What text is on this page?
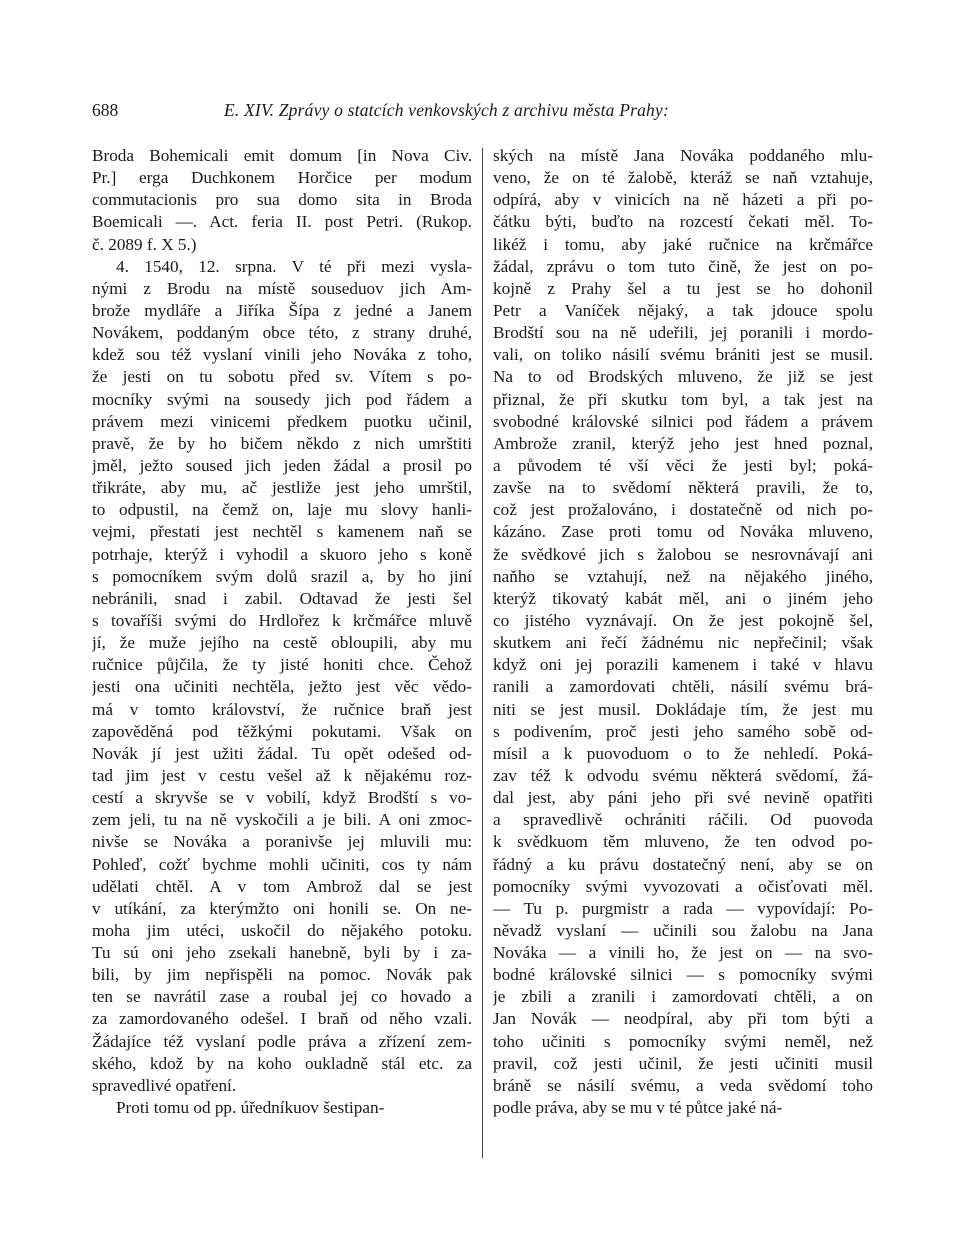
688	E. XIV. Zprávy o statcích venkovských z archivu města Prahy:
Broda Bohemicali emit domum [in Nova Civ.
Pr.] erga Duchkonem Horčice per modum
commutacionis pro sua domo sita in Broda
Boemicali —. Act. feria II. post Petri. (Rukop.
č. 2089 f. X 5.)
4. 1540, 12. srpna. V té při mezi vysla-
nými z Brodu na místě souseduov jich Am-
brože mydláře a Jiříka Šípa z jedné a Janem
Novákem, poddaným obce této, z strany druhé,
kdež sou též vyslaní vinili jeho Nováka z toho,
že jesti on tu sobotu před sv. Vítem s po-
mocníky svými na sousedy jich pod řádem a
právem mezi vinicemi předkem puotku učinil,
pravě, že by ho bičem někdo z nich umrštiti
jměl, ježto soused jich jeden žádal a prosil po
třikráte, aby mu, ač jestliže jest jeho umrštil,
to odpustil, na čemž on, laje mu slovy hanli-
vejmi, přestati jest nechtěl s kamenem naň se
potrhaje, kterýž i vyhodil a skuoro jeho s koně
s pomocníkem svým dolů srazil a, by ho jiní
nebránili, snad i zabil. Odtavad že jesti šel
s tovaříši svými do Hrdlořez k krčmářce mluvě
jí, že muže jejího na cestě obloupili, aby mu
ručnice půjčila, že ty jisté honiti chce. Čehož
jesti ona učiniti nechtěla, ježto jest věc vědo-
má v tomto království, že ručnice braň jest
zapověděná pod těžkými pokutami. Však on
Novák jí jest užiti žádal. Tu opět odešed od-
tad jim jest v cestu vešel až k nějakému roz-
cestí a skryvše se v vobilí, když Brodští s vo-
zem jeli, tu na ně vyskočili a je bili. A oni zmoc-
nivše se Nováka a poranivše jej mluvili mu:
Pohleď, cožť bychme mohli učiniti, cos ty nám
udělati chtěl. A v tom Ambrož dal se jest
v utíkání, za kterýmžto oni honili se. On ne-
moha jim utéci, uskočil do nějakého potoku.
Tu sú oni jeho zsekali hanebně, byli by i za-
bili, by jim nepřispěli na pomoc. Novák pak
ten se navrátil zase a roubal jej co hovado a
za zamordovaného odešel. I braň od něho vzali.
Žádajíce též vyslaní podle práva a zřízení zem-
ského, kdož by na koho oukladně stál etc. za
spravedlivé opatření.
Proti tomu od pp. úředníkuov šestipan-
ských na místě Jana Nováka poddaného mlu-
veno, že on té žalobě, kteráž se naň vztahuje,
odpírá, aby v vinicích na ně házeti a při po-
čátku býti, buďto na rozcestí čekati měl. To-
likéž i tomu, aby jaké ručnice na krčmářce
žádal, zprávu o tom tuto čině, že jest on po-
kojně z Prahy šel a tu jest se ho dohonil
Petr a Vaníček nějaký, a tak jdouce spolu
Brodští sou na ně udeřili, jej poranili i mordo-
vali, on toliko násilí svému brániti jest se musil.
Na to od Brodských mluveno, že již se jest
přiznal, že při skutku tom byl, a tak jest na
svobodné královské silnici pod řádem a právem
Ambrože zranil, kterýž jeho jest hned poznal,
a původem té vší věci že jesti byl; poká-
zavše na to svědomí některá pravili, že to,
což jest prožalováno, i dostatečně od nich po-
kázáno. Zase proti tomu od Nováka mluveno,
že svědkové jich s žalobou se nesrovnávají ani
naňho se vztahují, než na nějakého jiného,
kterýž tikovatý kabát měl, ani o jiném jeho
co jistého vyznávají. On že jest pokojně šel,
skutkem ani řečí žádnému nic nepřečinil; však
když oni jej porazili kamenem i také v hlavu
ranili a zamordovati chtěli, násilí svému brá-
niti se jest musil. Dokládaje tím, že jest mu
s podivením, proč jesti jeho samého sobě od-
mísil a k puovoduom o to že nehledí. Poká-
zav též k odvodu svému některá svědomí, žá-
dal jest, aby páni jeho při své nevině opatřiti
a spravedlivě ochrániti ráčili. Od puovoda
k svědkuom těm mluveno, že ten odvod po-
řádný a ku právu dostatečný není, aby se on
pomocníky svými vyvozovati a očisťovati měl.
— Tu p. purgmistr a rada — vypovídají: Po-
něvadž vyslaní — učinili sou žalobu na Jana
Nováka — a vinili ho, že jest on — na svo-
bodné královské silnici — s pomocníky svými
je zbili a zranili i zamordovati chtěli, a on
Jan Novák — neodpíral, aby při tom býti a
toho učiniti s pomocníky svými neměl, než
pravil, což jesti učinil, že jesti učiniti musil
bráně se násilí svému, a veda svědomí toho
podle práva, aby se mu v té půtce jaké ná-
